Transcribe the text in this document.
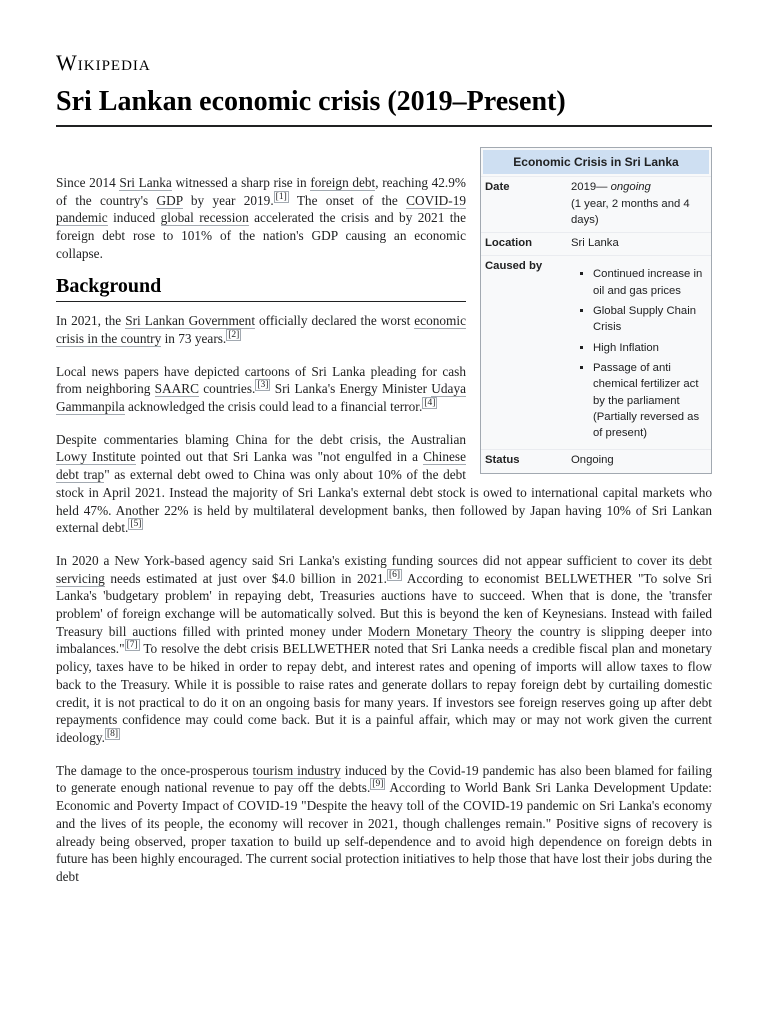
Wikipedia
Sri Lankan economic crisis (2019–Present)
Economic Crisis in Sri Lanka
Date	2019— ongoing
(1 year, 2 months and 4 days)
Location	Sri Lanka
Caused by
▪ Continued increase in oil and gas prices
▪ Global Supply Chain Crisis
▪ High Inflation
▪ Passage of anti chemical fertilizer act by the parliament (Partially reversed as of present)
Status	Ongoing

Since 2014 Sri Lanka witnessed a sharp rise in foreign debt, reaching 42.9% of the country's GDP by year 2019. [1] The onset of the COVID-19 pandemic induced global recession accelerated the crisis and by 2021 the foreign debt rose to 101% of the nation's GDP causing an economic collapse.

Background

In 2021, the Sri Lankan Government officially declared the worst economic crisis in the country in 73 years. [2]

Local news papers have depicted cartoons of Sri Lanka pleading for cash from neighboring SAARC countries. [3] Sri Lanka's Energy Minister Udaya Gammanpila acknowledged the crisis could lead to a financial terror. [4]

Despite commentaries blaming China for the debt crisis, the Australian Lowy Institute pointed out that Sri Lanka was "not engulfed in a Chinese debt trap" as external debt owed to China was only about 10% of the debt stock in April 2021. Instead the majority of Sri Lanka's external debt stock is owed to international capital markets who held 47%. Another 22% is held by multilateral development banks, then followed by Japan having 10% of Sri Lankan external debt. [5]

In 2020 a New York-based agency said Sri Lanka's existing funding sources did not appear sufficient to cover its debt servicing needs estimated at just over $4.0 billion in 2021. [6] According to economist BELLWETHER "To solve Sri Lanka's 'budgetary problem' in repaying debt, Treasuries auctions have to succeed. When that is done, the 'transfer problem' of foreign exchange will be automatically solved. But this is beyond the ken of Keynesians. Instead with failed Treasury bill auctions filled with printed money under Modern Monetary Theory the country is slipping deeper into imbalances." [7] To resolve the debt crisis BELLWETHER noted that Sri Lanka needs a credible fiscal plan and monetary policy, taxes have to be hiked in order to repay debt, and interest rates and opening of imports will allow taxes to flow back to the Treasury. While it is possible to raise rates and generate dollars to repay foreign debt by curtailing domestic credit, it is not practical to do it on an ongoing basis for many years. If investors see foreign reserves going up after debt repayments confidence may could come back. But it is a painful affair, which may or may not work given the current ideology. [8]

The damage to the once-prosperous tourism industry induced by the Covid-19 pandemic has also been blamed for failing to generate enough national revenue to pay off the debts. [9] According to World Bank Sri Lanka Development Update: Economic and Poverty Impact of COVID-19 "Despite the heavy toll of the COVID-19 pandemic on Sri Lanka's economy and the lives of its people, the economy will recover in 2021, though challenges remain." Positive signs of recovery is already being observed, proper taxation to build up self-dependence and to avoid high dependence on foreign debts in future has been highly encouraged. The current social protection initiatives to help those that have lost their jobs during the debt
